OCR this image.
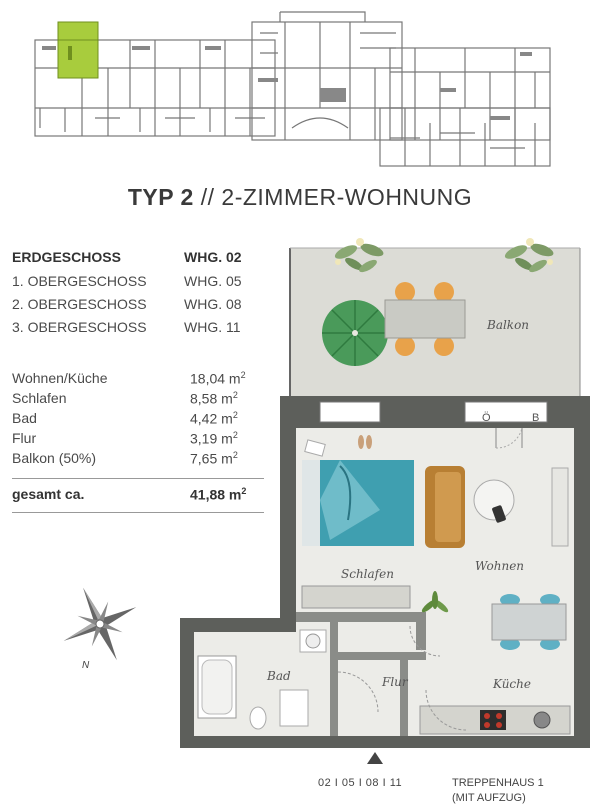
TYP 2 // 2-ZIMMER-WOHNUNG
ERDGESCHOSS	WHG. 02
1. OBERGESCHOSS	WHG. 05
2. OBERGESCHOSS	WHG. 08
3. OBERGESCHOSS	WHG. 11
Wohnen/Küche	18,04 $m^2$
Schlafen	8,58 $m^2$
Bad	4,42 $m^2$
Flur	3,19 $m^2$
Balkon (50%)	7,65 $m^2$
gesamt ca.	41,88 $m^2$
N
Balkon
Schlafen
Wohnen
Bad	Flur	Küche
Ö	B
02 I 05 I 08 I 11	TREPPENHAUS 1
(MIT AUFZUG)
